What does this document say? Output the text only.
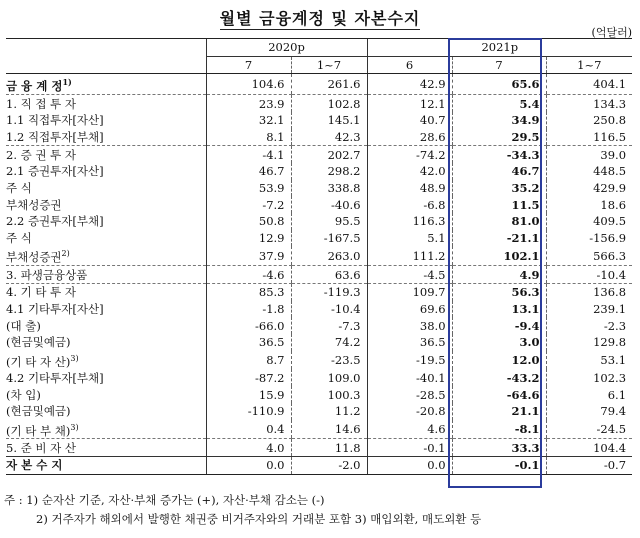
월별 금융계정 및 자본수지
(억달러)
	2020p		2021p		
	7	1~7	6	7	1~7
금 융 계 정$^{1)}$	104.6	261.6	42.9	65.6	404.1
1. 직 접 투 자	23.9	102.8	12.1	5.4	134.3
1.1 직접투자[자산]	32.1	145.1	40.7	34.9	250.8
1.2 직접투자[부채]	8.1	42.3	28.6	29.5	116.5
2. 증 권 투 자	-4.1	202.7	-74.2	-34.3	39.0
2.1 증권투자[자산]	46.7	298.2	42.0	46.7	448.5
주 식	53.9	338.8	48.9	35.2	429.9
부채성증권	-7.2	-40.6	-6.8	11.5	18.6
2.2 증권투자[부채]	50.8	95.5	116.3	81.0	409.5
주 식	12.9	-167.5	5.1	-21.1	-156.9
부채성증권$^{2)}$	37.9	263.0	111.2	102.1	566.3
3. 파생금융상품	-4.6	63.6	-4.5	4.9	-10.4
4. 기 타 투 자	85.3	-119.3	109.7	56.3	136.8
4.1 기타투자[자산]	-1.8	-10.4	69.6	13.1	239.1
(대 출)	-66.0	-7.3	38.0	-9.4	-2.3
(현금및예금)	36.5	74.2	36.5	3.0	129.8
(기 타 자 산)$^{3)}$	8.7	-23.5	-19.5	12.0	53.1
4.2 기타투자[부채]	-87.2	109.0	-40.1	-43.2	102.3
(차 입)	15.9	100.3	-28.5	-64.6	6.1
(현금및예금)	-110.9	11.2	-20.8	21.1	79.4
(기 타 부 채)$^{3)}$	0.4	14.6	4.6	-8.1	-24.5
5. 준 비 자 산	4.0	11.8	-0.1	33.3	104.4
자 본 수 지	0.0	-2.0	0.0	-0.1	-0.7
주 : 1) 순자산 기준, 자산·부채 증가는 (+), 자산·부채 감소는 (-)
2) 거주자가 해외에서 발행한 채권중 비거주자와의 거래분 포함 3) 매입외환, 매도외환 등
